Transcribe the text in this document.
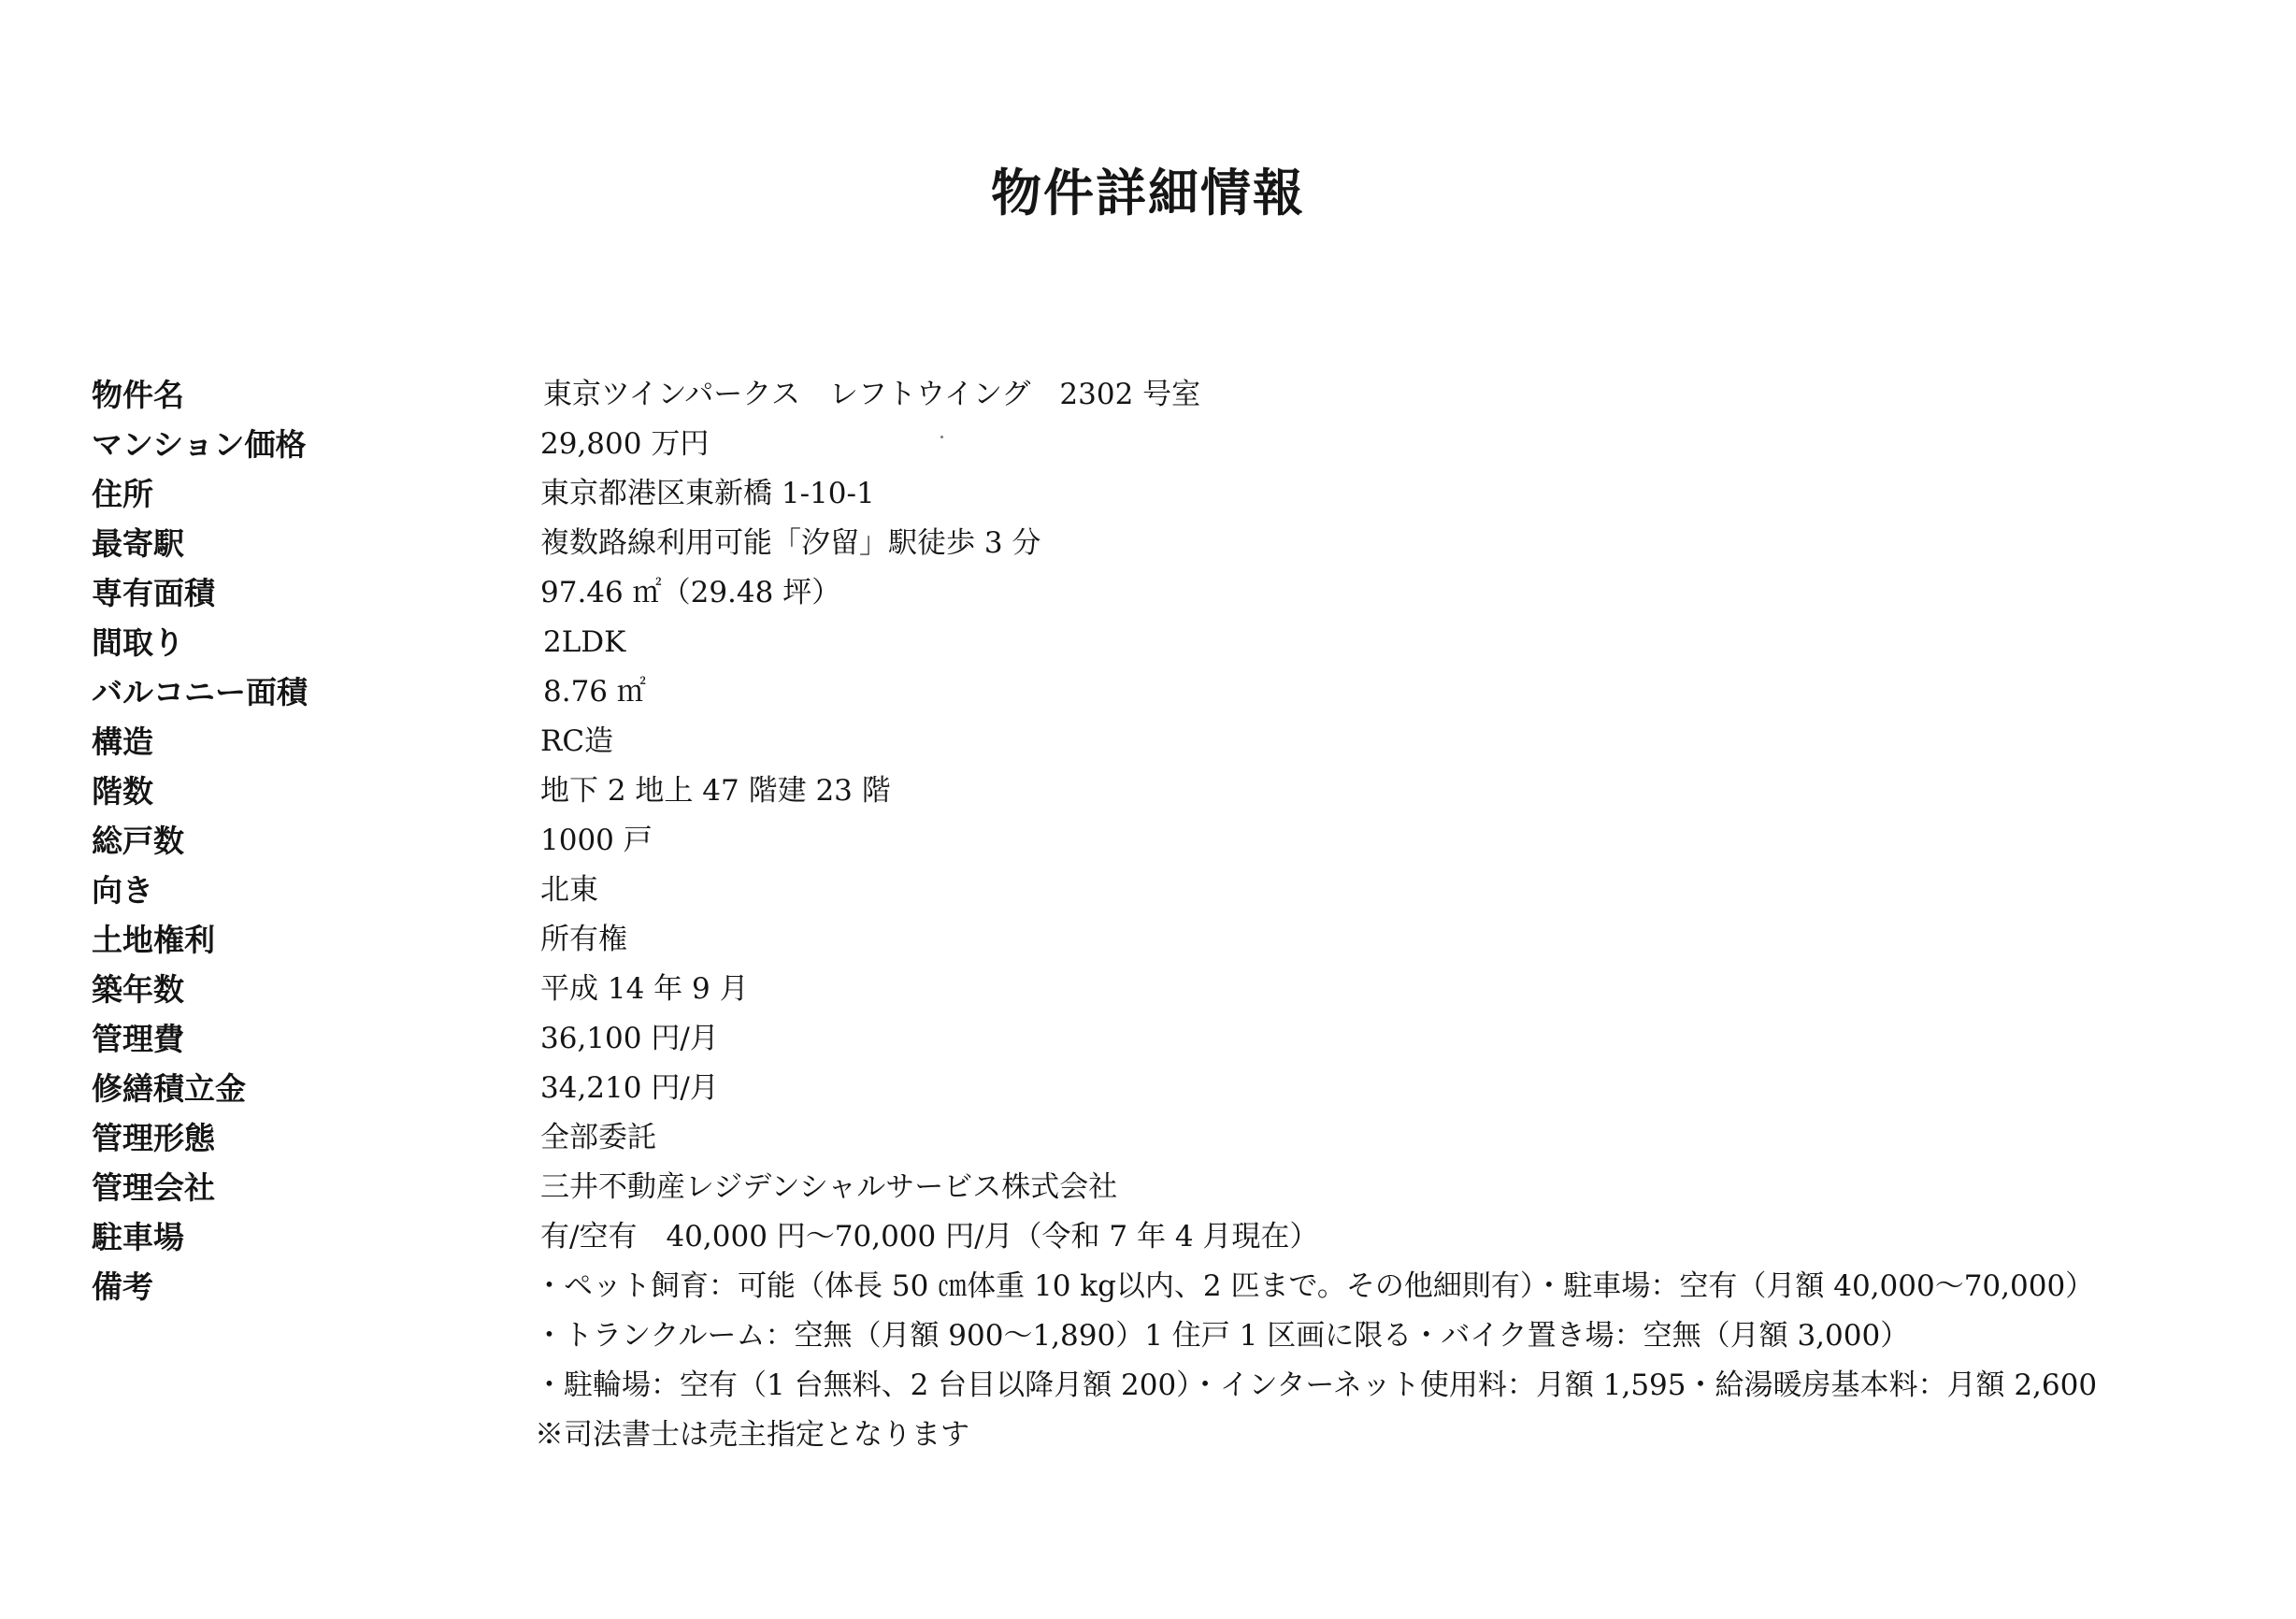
物件詳細情報
物件名	東京ツインパークス　レフトウイング　2302 号室
マンション価格	29,800 万円
住所	東京都港区東新橋 1-10-1
最寄駅	複数路線利用可能「汐留」駅徒歩 3 分
専有面積	97.46 ㎡（29.48 坪）
間取り	2LDK
バルコニー面積	8.76 ㎡
構造	RC造
階数	地下 2 地上 47 階建 23 階
総戸数	1000 戸
向き	北東
土地権利	所有権
築年数	平成 14 年 9 月
管理費	36,100 円/月
修繕積立金	34,210 円/月
管理形態	全部委託
管理会社	三井不動産レジデンシャルサービス株式会社
駐車場	有/空有　40,000 円～70,000 円/月（令和 7 年 4 月現在）
備考	・ペット飼育：可能（体長 50 ㎝体重 10 kg以内、2 匹まで。その他細則有）・駐車場：空有（月額 40,000～70,000）
・トランクルーム：空無（月額 900～1,890）1 住戸 1 区画に限る・バイク置き場：空無（月額 3,000）
・駐輪場：空有（1 台無料、2 台目以降月額 200）・インターネット使用料：月額 1,595・給湯暖房基本料：月額 2,600
※司法書士は売主指定となります
